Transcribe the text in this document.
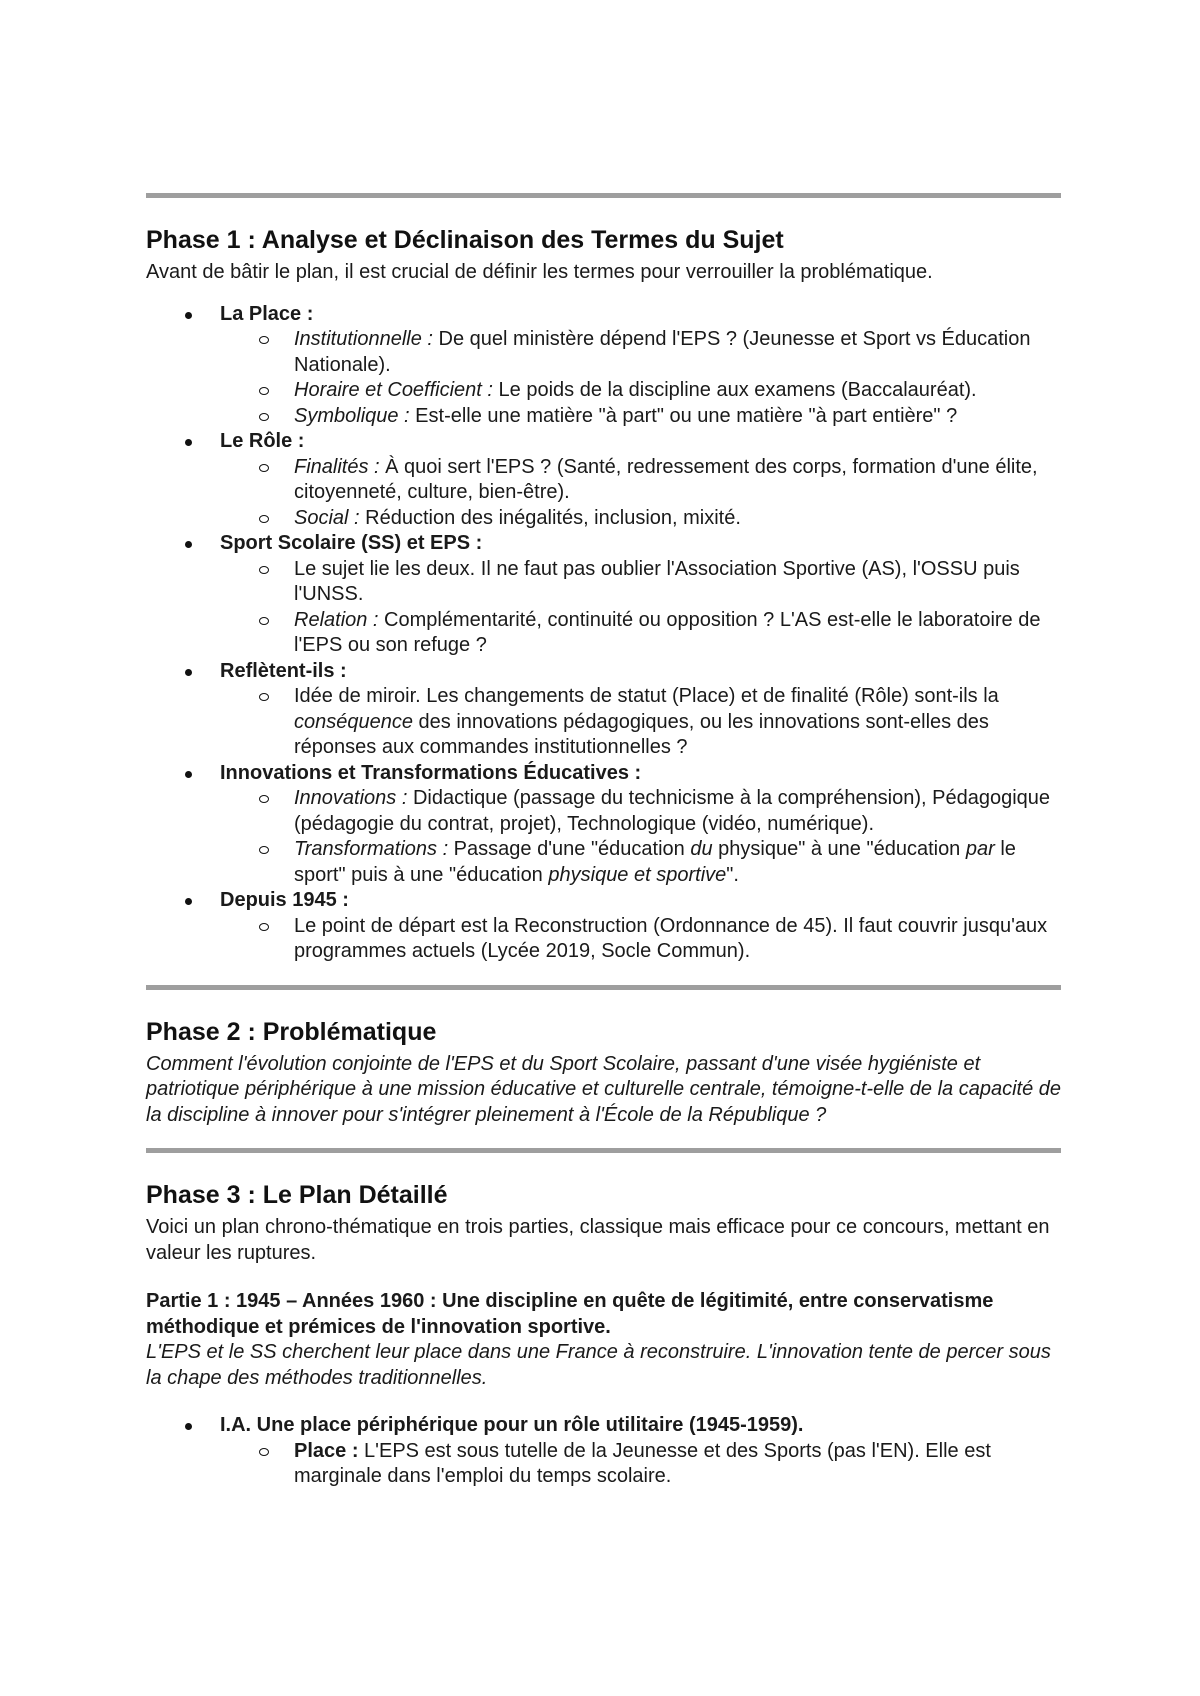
Phase 1 : Analyse et Déclinaison des Termes du Sujet

Avant de bâtir le plan, il est crucial de définir les termes pour verrouiller la problématique.

La Place :
Institutionnelle : De quel ministère dépend l'EPS ? (Jeunesse et Sport vs Éducation Nationale).
Horaire et Coefficient : Le poids de la discipline aux examens (Baccalauréat).
Symbolique : Est-elle une matière "à part" ou une matière "à part entière" ?
Le Rôle :
Finalités : À quoi sert l'EPS ? (Santé, redressement des corps, formation d'une élite, citoyenneté, culture, bien-être).
Social : Réduction des inégalités, inclusion, mixité.
Sport Scolaire (SS) et EPS :
Le sujet lie les deux. Il ne faut pas oublier l'Association Sportive (AS), l'OSSU puis l'UNSS.
Relation : Complémentarité, continuité ou opposition ? L'AS est-elle le laboratoire de l'EPS ou son refuge ?
Reflètent-ils :
Idée de miroir. Les changements de statut (Place) et de finalité (Rôle) sont-ils la conséquence des innovations pédagogiques, ou les innovations sont-elles des réponses aux commandes institutionnelles ?
Innovations et Transformations Éducatives :
Innovations : Didactique (passage du technicisme à la compréhension), Pédagogique (pédagogie du contrat, projet), Technologique (vidéo, numérique).
Transformations : Passage d'une "éducation du physique" à une "éducation par le sport" puis à une "éducation physique et sportive".
Depuis 1945 :
Le point de départ est la Reconstruction (Ordonnance de 45). Il faut couvrir jusqu'aux programmes actuels (Lycée 2019, Socle Commun).
Phase 2 : Problématique

Comment l'évolution conjointe de l'EPS et du Sport Scolaire, passant d'une visée hygiéniste et patriotique périphérique à une mission éducative et culturelle centrale, témoigne-t-elle de la capacité de la discipline à innover pour s'intégrer pleinement à l'École de la République ?

Phase 3 : Le Plan Détaillé

Voici un plan chrono-thématique en trois parties, classique mais efficace pour ce concours, mettant en valeur les ruptures.

Partie 1 : 1945 – Années 1960 : Une discipline en quête de légitimité, entre conservatisme méthodique et prémices de l'innovation sportive.

L'EPS et le SS cherchent leur place dans une France à reconstruire. L'innovation tente de percer sous la chape des méthodes traditionnelles.

I.A. Une place périphérique pour un rôle utilitaire (1945-1959).
Place : L'EPS est sous tutelle de la Jeunesse et des Sports (pas l'EN). Elle est marginale dans l'emploi du temps scolaire.
